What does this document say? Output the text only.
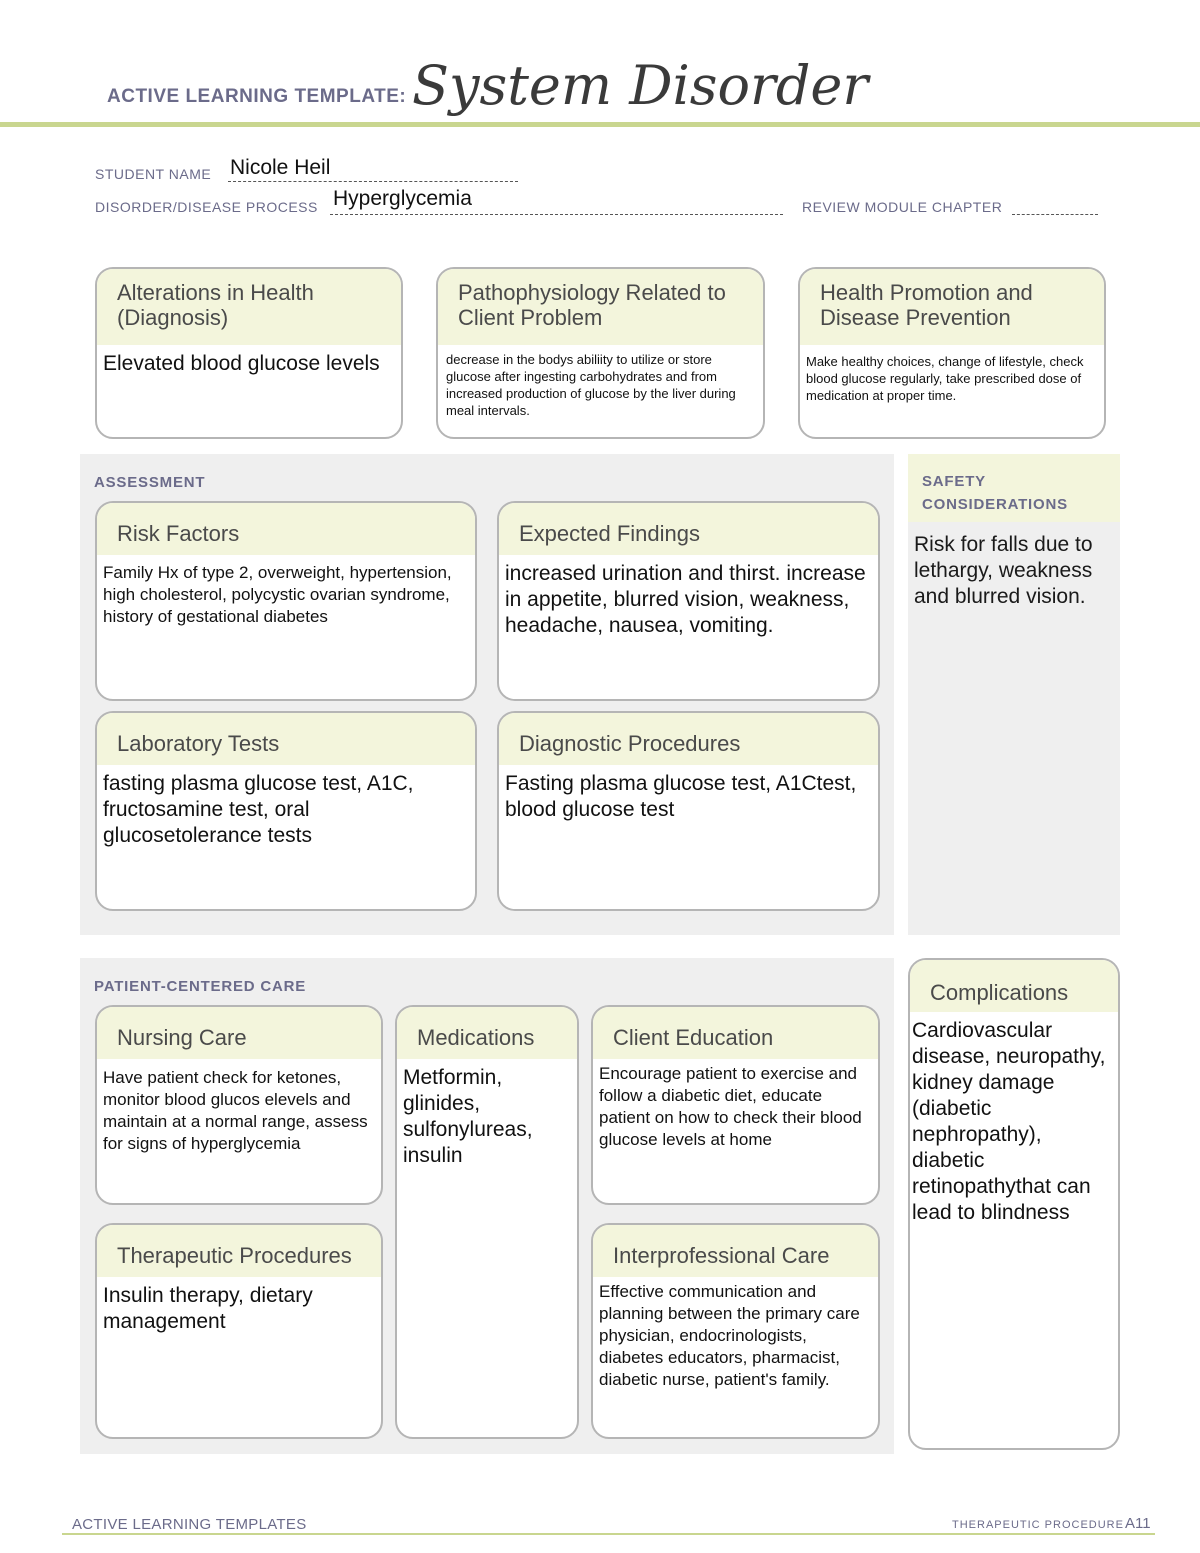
ACTIVE LEARNING TEMPLATE: System Disorder
STUDENT NAME Nicole Heil
DISORDER/DISEASE PROCESS Hyperglycemia	REVIEW MODULE CHAPTER
Alterations in Health (Diagnosis)
Elevated blood glucose levels
Pathophysiology Related to Client Problem
decrease in the bodys abiliity to utilize or store glucose after ingesting carbohydrates and from increased production of glucose by the liver during meal intervals.
Health Promotion and Disease Prevention
Make healthy choices, change of lifestyle, check blood glucose regularly, take prescribed dose of medication at proper time.
ASSESSMENT
Risk Factors
Family Hx of type 2, overweight, hypertension, high cholesterol, polycystic ovarian syndrome, history of gestational diabetes
Expected Findings
increased urination and thirst. increase in appetite, blurred vision, weakness, headache, nausea, vomiting.
Laboratory Tests
fasting plasma glucose test, A1C, fructosamine test, oral glucosetolerance tests
Diagnostic Procedures
Fasting plasma glucose test, A1Ctest, blood glucose test
SAFETY CONSIDERATIONS
Risk for falls due to lethargy, weakness and blurred vision.
PATIENT-CENTERED CARE
Nursing Care
Have patient check for ketones, monitor blood glucos elevels and maintain at a normal range, assess for signs of hyperglycemia
Medications
Metformin, glinides, sulfonylureas, insulin
Client Education
Encourage patient to exercise and follow a diabetic diet, educate patient on how to check their blood glucose levels at home
Therapeutic Procedures
Insulin therapy, dietary management
Interprofessional Care
Effective communication and planning between the primary care physician, endocrinologists, diabetes educators, pharmacist, diabetic nurse, patient's family.
Complications
Cardiovascular disease, neuropathy, kidney damage (diabetic nephropathy), diabetic retinopathythat can lead to blindness
ACTIVE LEARNING TEMPLATES	THERAPEUTIC PROCEDURE A11
